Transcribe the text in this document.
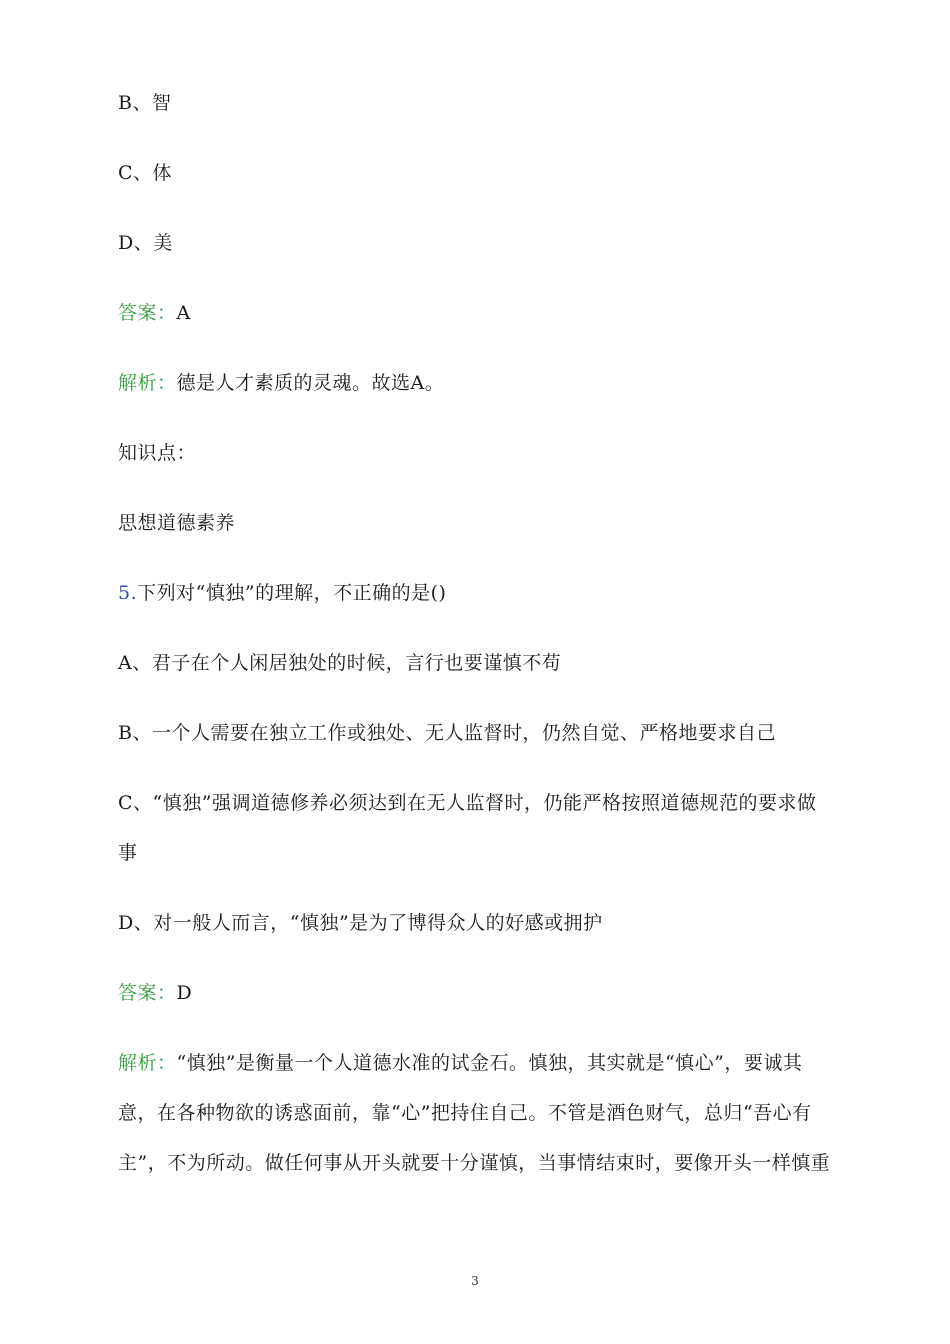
B、智
C、体
D、美
答案：A
解析：德是人才素质的灵魂。故选A。
知识点：
思想道德素养
5.下列对“慎独”的理解，不正确的是()
A、君子在个人闲居独处的时候，言行也要谨慎不苟
B、一个人需要在独立工作或独处、无人监督时，仍然自觉、严格地要求自己
C、“慎独”强调道德修养必须达到在无人监督时，仍能严格按照道德规范的要求做
事
D、对一般人而言，“慎独”是为了博得众人的好感或拥护
答案：D
解析：“慎独”是衡量一个人道德水准的试金石。慎独，其实就是“慎心”，要诚其
意，在各种物欲的诱惑面前，靠“心”把持住自己。不管是酒色财气，总归“吾心有
主”，不为所动。做任何事从开头就要十分谨慎，当事情结束时，要像开头一样慎重
3
